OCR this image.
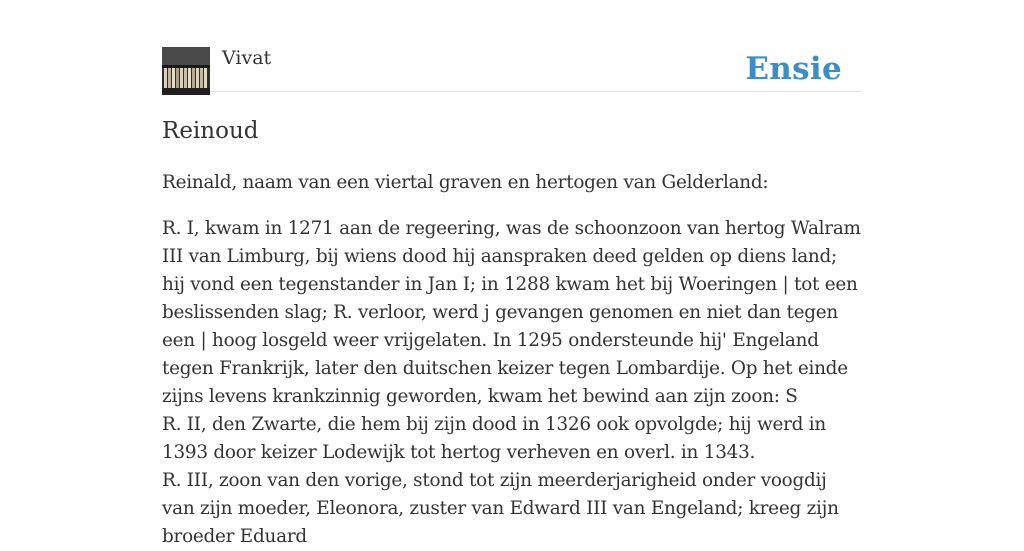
Vivat	Ensie
Reinoud

Reinald, naam van een viertal graven en hertogen van Gelderland:

R. I, kwam in 1271 aan de regeering, was de schoonzoon van hertog Walram III van Limburg, bij wiens dood hij aanspraken deed gelden op diens land; hij vond een tegenstander in Jan I; in 1288 kwam het bij Woeringen | tot een beslissenden slag; R. verloor, werd j gevangen genomen en niet dan tegen een | hoog losgeld weer vrijgelaten. In 1295 ondersteunde hij' Engeland tegen Frankrijk, later den duitschen keizer tegen Lombardije. Op het einde zijns levens krankzinnig geworden, kwam het bewind aan zijn zoon: S

R. II, den Zwarte, die hem bij zijn dood in 1326 ook opvolgde; hij werd in 1393 door keizer Lodewijk tot hertog verheven en overl. in 1343.

R. III, zoon van den vorige, stond tot zijn meerderjarigheid onder voogdij van zijn moeder, Eleonora, zuster van Edward III van Engeland; kreeg zijn broeder Eduard
